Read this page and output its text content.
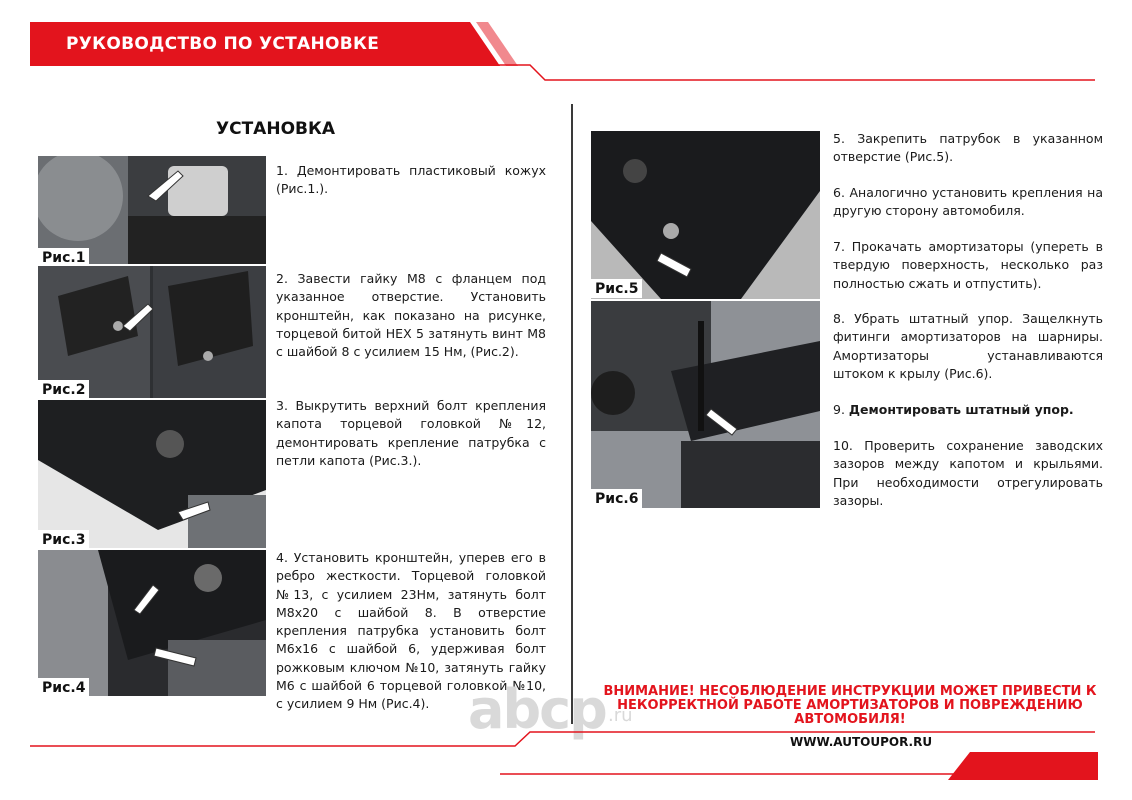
РУКОВОДСТВО ПО УСТАНОВКЕ
УСТАНОВКА
Рис.1
Рис.2
Рис.3
Рис.4
Рис.5
Рис.6
1. Демонтировать пластиковый кожух (Рис.1.).
2. Завести гайку М8 с фланцем под указанное отверстие. Установить кронштейн, как показано на рисунке, торцевой битой HEX 5 затянуть винт М8 с шайбой 8 с усилием 15 Нм, (Рис.2).
3. Выкрутить верхний болт крепления капота торцевой головкой №12, демонтировать крепление патрубка с петли капота (Рис.3.).
4. Установить кронштейн, уперев его в ребро жесткости. Торцевой головкой №13, с усилием 23Нм, затянуть болт М8х20 с шайбой 8. В отверстие крепления патрубка установить болт М6х16 с шайбой 6, удерживая болт рожковым ключом №10, затянуть гайку М6 с шайбой 6 торцевой головкой №10, с усилием 9 Нм (Рис.4).
5. Закрепить патрубок в указанном отверстие (Рис.5).
6. Аналогично установить крепления на другую сторону автомобиля.
7. Прокачать амортизаторы (упереть в твердую поверхность, несколько раз полностью сжать и отпустить).
8. Убрать штатный упор. Защелкнуть фитинги амортизаторов на шарниры. Амортизаторы устанавливаются штоком к крылу (Рис.6).
9. Демонтировать штатный упор.
10. Проверить сохранение заводских зазоров между капотом и крыльями. При необходимости отрегулировать зазоры.
abcp .ru
ВНИМАНИЕ! НЕСОБЛЮДЕНИЕ ИНСТРУКЦИИ МОЖЕТ ПРИВЕСТИ К НЕКОРРЕКТНОЙ РАБОТЕ АМОРТИЗАТОРОВ И ПОВРЕЖДЕНИЮ АВТОМОБИЛЯ!
WWW.AUTOUPOR.RU
